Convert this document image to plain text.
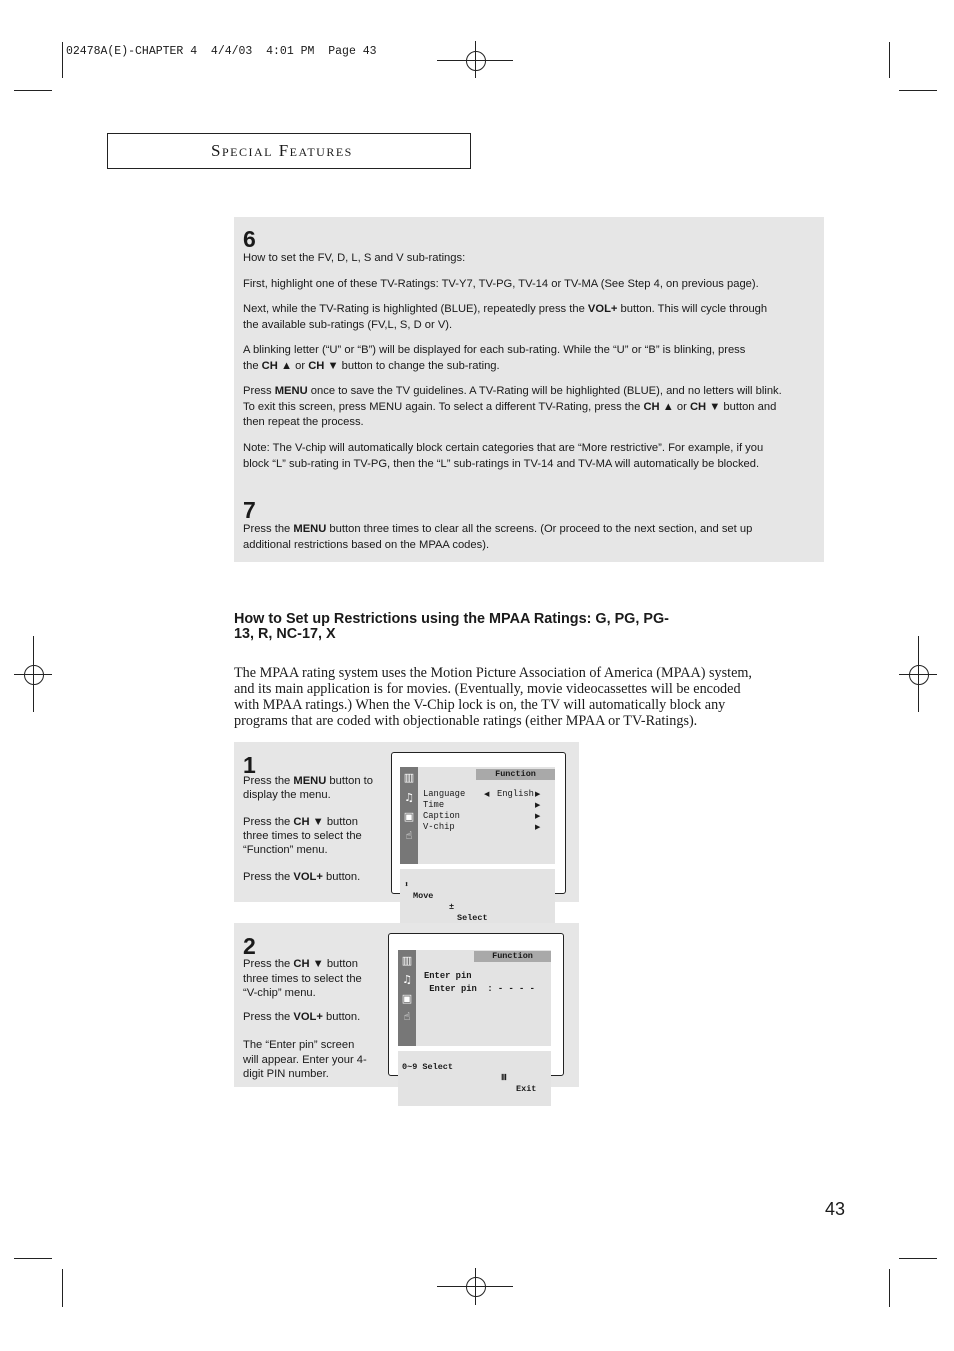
02478A(E)-CHAPTER 4  4/4/03  4:01 PM  Page 43
Special Features
6
How to set the FV, D, L, S and V sub-ratings:
First, highlight one of these TV-Ratings: TV-Y7, TV-PG, TV-14 or TV-MA (See Step 4, on previous page).
Next, while the TV-Rating is highlighted (BLUE), repeatedly press the VOL+ button. This will cycle through
the available sub-ratings (FV,L, S, D or V).
A blinking letter (“U” or “B”) will be displayed for each sub-rating. While the “U” or “B” is blinking, press
the CH ▲ or CH ▼ button to change the sub-rating.
Press MENU once to save the TV guidelines. A TV-Rating will be highlighted (BLUE), and no letters will blink.
To exit this screen, press MENU again. To select a different TV-Rating, press the CH ▲ or CH ▼ button and
then repeat the process.
Note: The V-chip will automatically block certain categories that are “More restrictive”. For example, if you
block “L” sub-rating in TV-PG, then the “L” sub-ratings in TV-14 and TV-MA will automatically be blocked.
7
Press the MENU button three times to clear all the screens. (Or proceed to the next section, and set up
additional restrictions based on the MPAA codes).
How to Set up Restrictions using the MPAA Ratings: G, PG, PG-
13, R, NC-17, X
The MPAA rating system uses the Motion Picture Association of America (MPAA) system,
and its main application is for movies. (Eventually, movie videocassettes will be encoded
with MPAA ratings.) When the V-Chip lock is on, the TV will automatically block any
programs that are coded with objectionable ratings (either MPAA or TV-Ratings).
1
Press the MENU button to
display the menu.
Press the CH ▼ button
three times to select the
“Function” menu.
Press the VOL+ button.
▥
♫
▣
☝
Function
Language	◀ English ▶
Time	▶
Caption	▶
V-chip	▶

⬍

Move

±

Select

2
Press the CH ▼ button
three times to select the
“V-chip” menu.
Press the VOL+ button.
The “Enter pin” screen
will appear. Enter your 4-
digit PIN number.
▥
♫
▣
☝
Function
Enter pin
Enter pin  : - - - -

0~9 Select

Ⅲ

Exit

43
